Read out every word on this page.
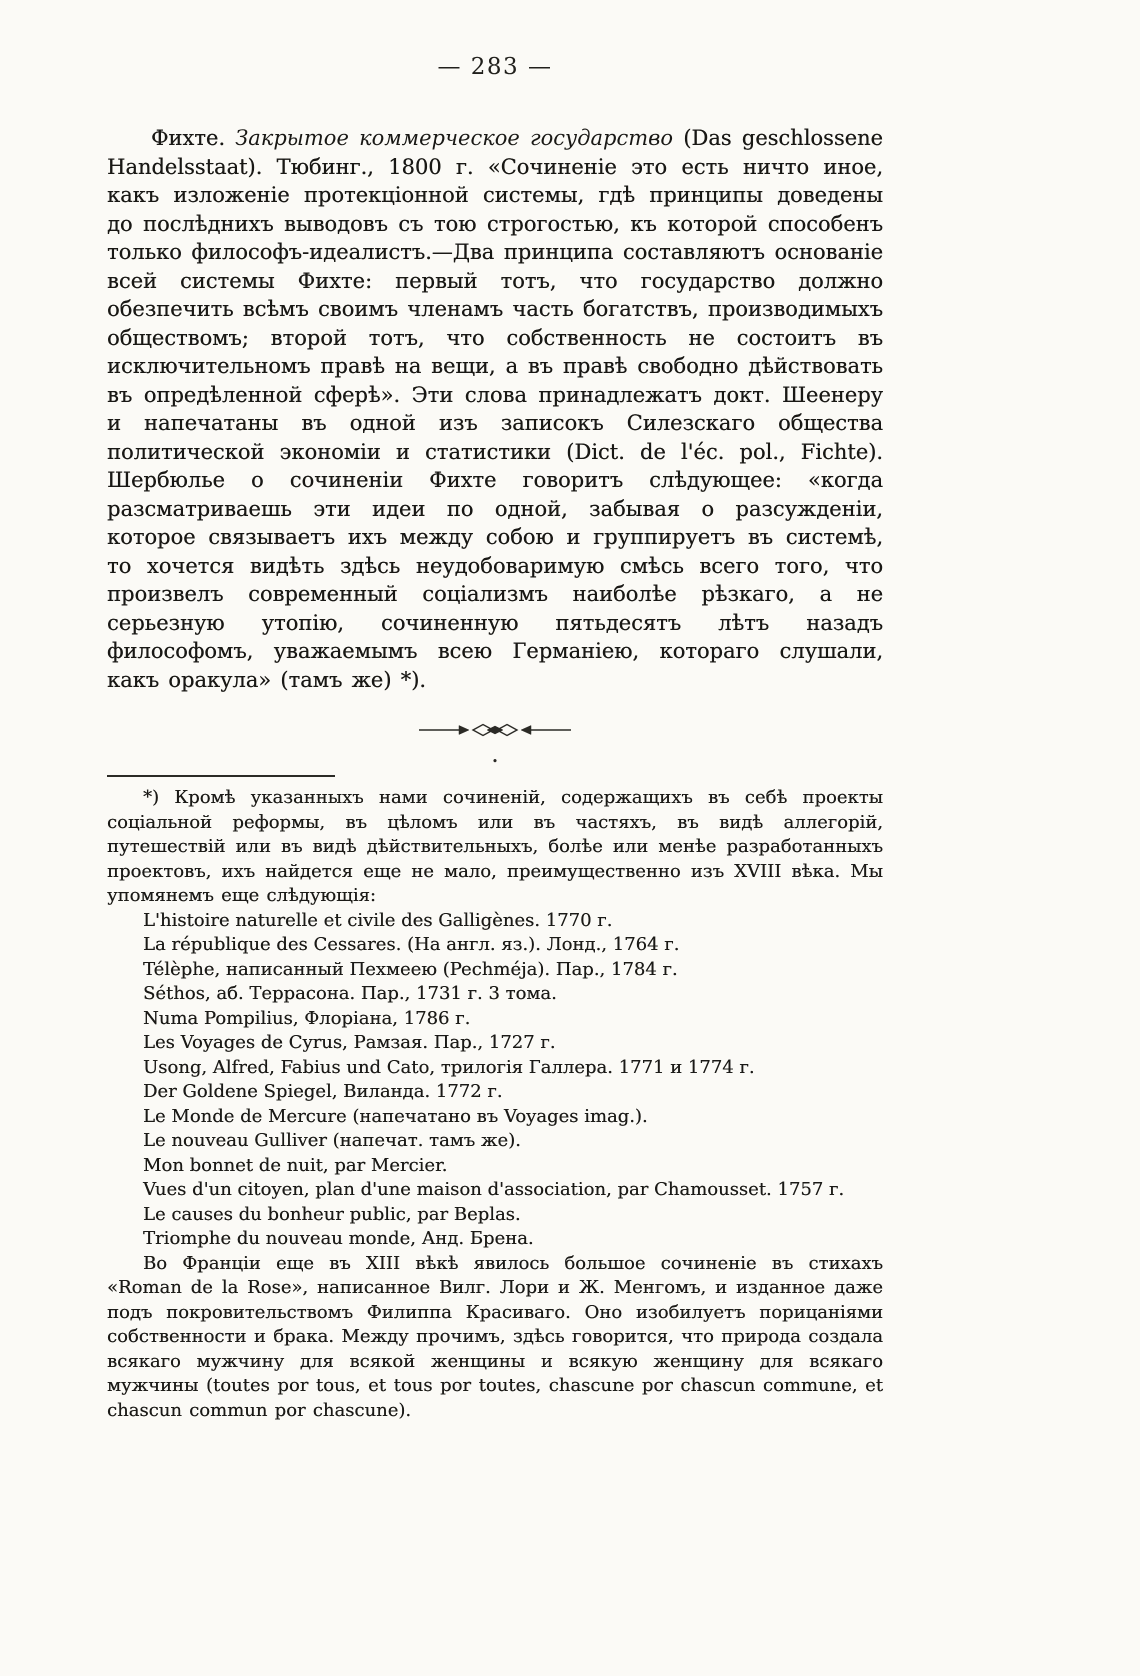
— 283 —

Фихте. Закрытое коммерческое государство (Das geschlossene Handelsstaat). Тюбинг., 1800 г. «Сочиненіе это есть ничто иное, какъ изложеніе протекціонной системы, гдѣ принципы доведены до послѣднихъ выводовъ съ тою строгостью, къ которой способенъ только философъ-идеалистъ.—Два принципа составляютъ основаніе всей системы Фихте: первый тотъ, что государство должно обезпечить всѣмъ своимъ членамъ часть богатствъ, производимыхъ обществомъ; второй тотъ, что собственность не состоитъ въ исключительномъ правѣ на вещи, а въ правѣ свободно дѣйствовать въ опредѣленной сферѣ». Эти слова принадлежатъ докт. Шеенеру и напечатаны въ одной изъ записокъ Силезскаго общества политической экономіи и статистики (Dict. de l'éc. pol., Fichte). Шербюлье о сочиненіи Фихте говоритъ слѣдующее: «когда разсматриваешь эти идеи по одной, забывая о разсужденіи, которое связываетъ ихъ между собою и группируетъ въ системѣ, то хочется видѣть здѣсь неудобоваримую смѣсь всего того, что произвелъ современный соціализмъ наиболѣе рѣзкаго, а не серьезную утопію, сочиненную пятьдесятъ лѣтъ назадъ философомъ, уважаемымъ всею Германіею, котораго слушали, какъ оракула» (тамъ же) *).

•

*) Кромѣ указанныхъ нами сочиненій, содержащихъ въ себѣ проекты соціальной реформы, въ цѣломъ или въ частяхъ, въ видѣ аллегорій, путешествій или въ видѣ дѣйствительныхъ, болѣе или менѣе разработанныхъ проектовъ, ихъ найдется еще не мало, преимущественно изъ XVIII вѣка. Мы упомянемъ еще слѣдующія:

L'histoire naturelle et civile des Galligènes. 1770 г.

La république des Cessares. (На англ. яз.). Лонд., 1764 г.

Télèphe, написанный Пехмеею (Pechméja). Пар., 1784 г.

Séthos, аб. Террасона. Пар., 1731 г. 3 тома.

Numa Pompilius, Флоріана, 1786 г.

Les Voyages de Cyrus, Рамзая. Пар., 1727 г.

Usong, Alfred, Fabius und Cato, трилогія Галлера. 1771 и 1774 г.

Der Goldene Spiegel, Виланда. 1772 г.

Le Monde de Mercure (напечатано въ Voyages imag.).

Le nouveau Gulliver (напечат. тамъ же).

Mon bonnet de nuit, par Mercier.

Vues d'un citoyen, plan d'une maison d'association, par Chamousset. 1757 г.

Le causes du bonheur public, par Beplas.

Triomphe du nouveau monde, Анд. Брена.

Во Франціи еще въ XIII вѣкѣ явилось большое сочиненіе въ стихахъ «Roman de la Rose», написанное Вилг. Лори и Ж. Менгомъ, и изданное даже подъ покровительствомъ Филиппа Красиваго. Оно изобилуетъ порицаніями собственности и брака. Между прочимъ, здѣсь говорится, что природа создала всякаго мужчину для всякой женщины и всякую женщину для всякаго мужчины (toutes por tous, et tous por toutes, chascune por chascun commune, et chascun commun por chascune).
